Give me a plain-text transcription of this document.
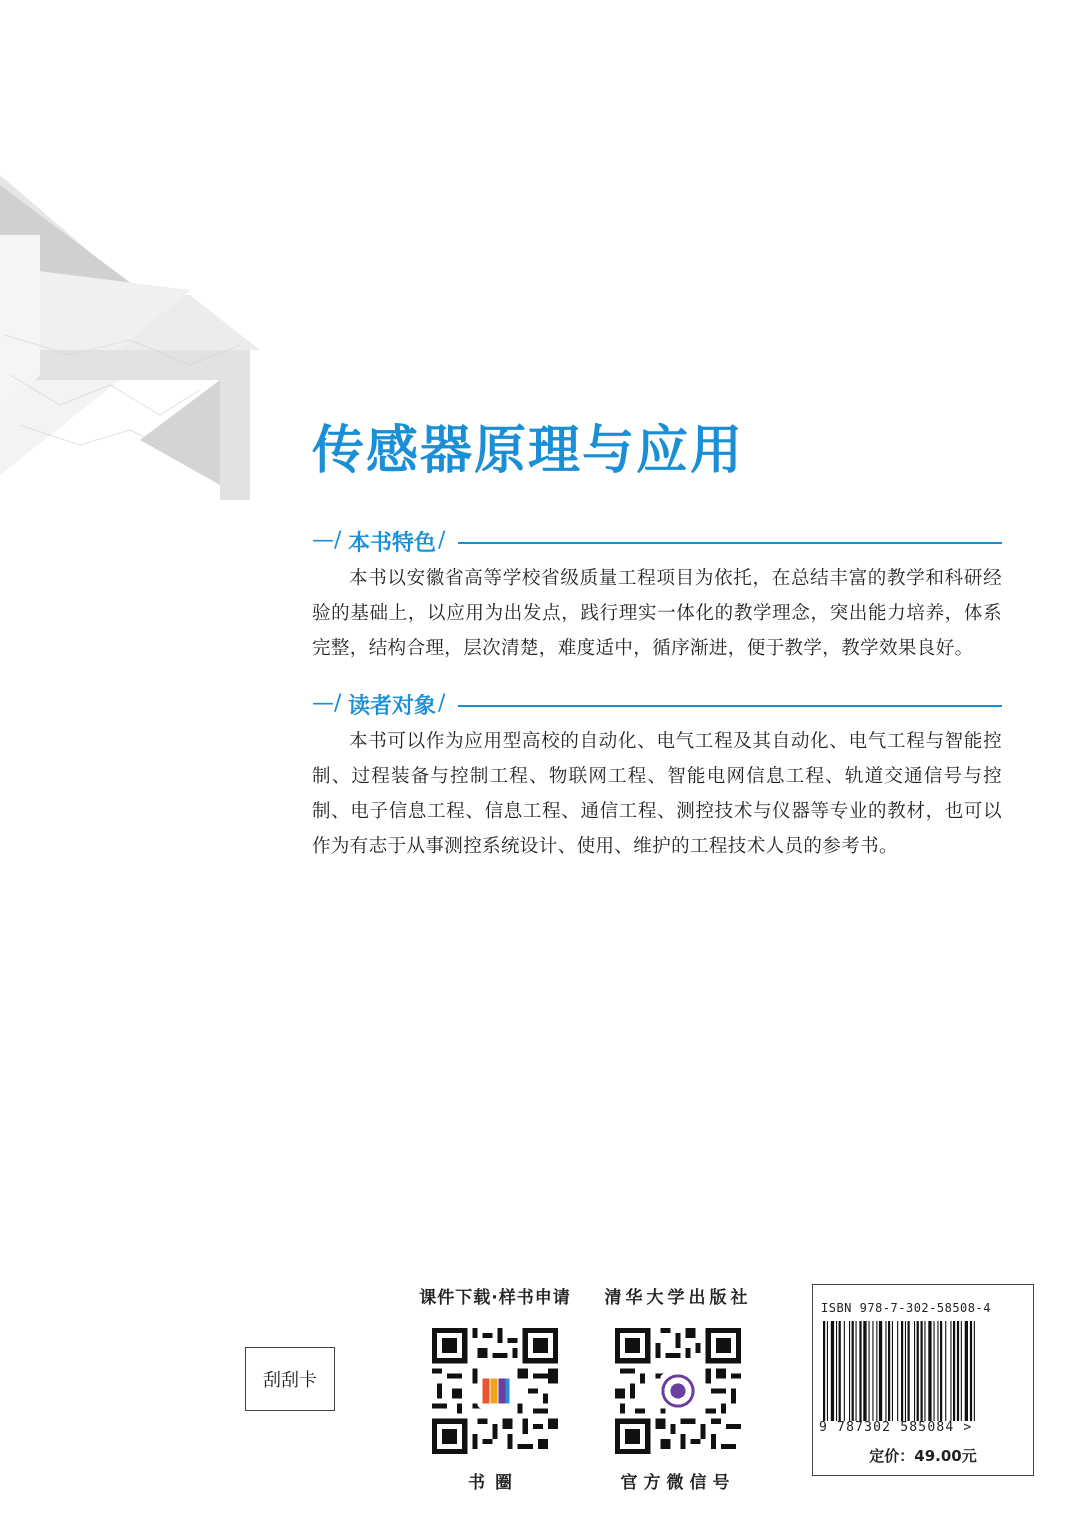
传感器原理与应用
—/ 本书特色 /
本书以安徽省高等学校省级质量工程项目为依托，在总结丰富的教学和科研经验的基础上，以应用为出发点，践行理实一体化的教学理念，突出能力培养，体系完整，结构合理，层次清楚，难度适中，循序渐进，便于教学，教学效果良好。
—/ 读者对象 /
本书可以作为应用型高校的自动化、电气工程及其自动化、电气工程与智能控制、过程装备与控制工程、物联网工程、智能电网信息工程、轨道交通信号与控制、电子信息工程、信息工程、通信工程、测控技术与仪器等专业的教材，也可以作为有志于从事测控系统设计、使用、维护的工程技术人员的参考书。
刮刮卡
课件下载·样书申请
书圈
清华大学出版社
官方微信号
ISBN 978-7-302-58508-4
9 787302 585084 >
定价：49.00元
